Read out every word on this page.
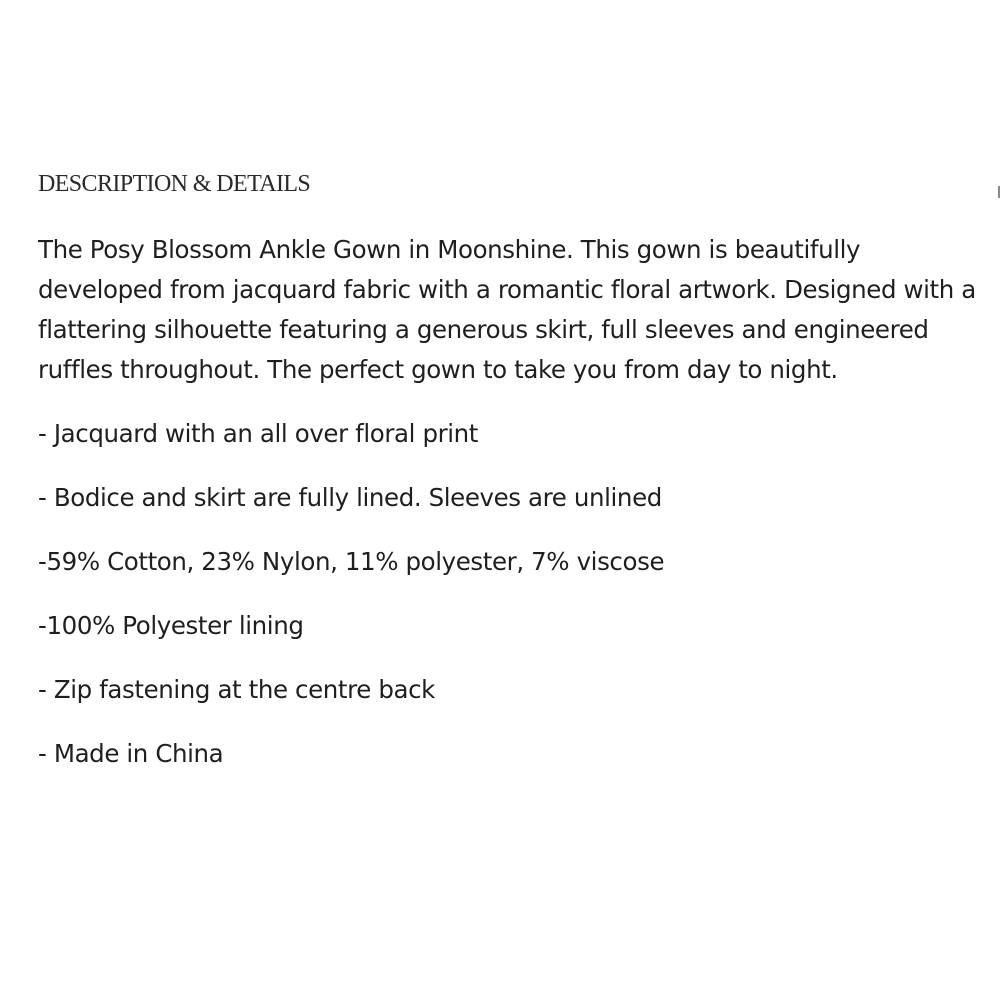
DESCRIPTION & DETAILS

The Posy Blossom Ankle Gown in Moonshine. This gown is beautifully developed from jacquard fabric with a romantic floral artwork. Designed with a flattering silhouette featuring a generous skirt, full sleeves and engineered ruffles throughout. The perfect gown to take you from day to night.

- Jacquard with an all over floral print
- Bodice and skirt are fully lined. Sleeves are unlined
-59% Cotton, 23% Nylon, 11% polyester, 7% viscose
-100% Polyester lining
- Zip fastening at the centre back
- Made in China
